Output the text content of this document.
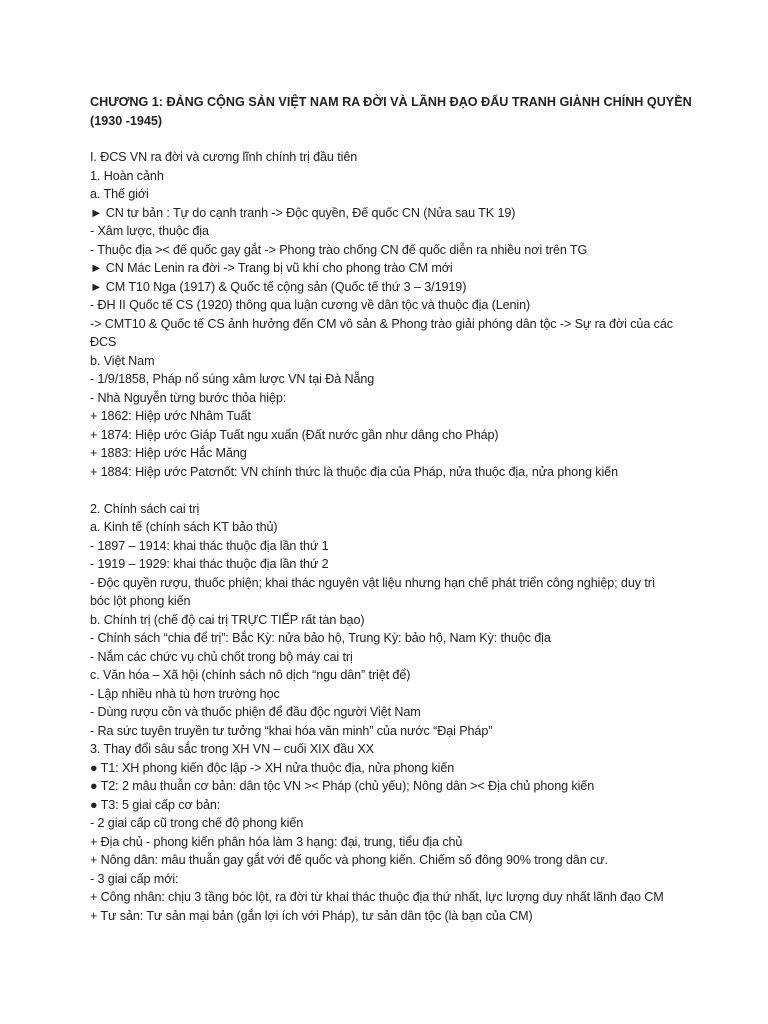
CHƯƠNG 1: ĐẢNG CỘNG SẢN VIỆT NAM RA ĐỜI VÀ LÃNH ĐẠO ĐẤU TRANH GIÀNH CHÍNH QUYỀN (1930 -1945)
I. ĐCS VN ra đời và cương lĩnh chính trị đầu tiên
1. Hoàn cảnh
a. Thế giới
► CN tư bản : Tự do cạnh tranh -> Độc quyền, Đế quốc CN (Nửa sau TK 19)
- Xâm lược, thuộc địa
- Thuộc địa >< đế quốc gay gắt -> Phong trào chống CN đế quốc diễn ra nhiều nơi trên TG
► CN Mác Lenin ra đời -> Trang bị vũ khí cho phong trào CM mới
► CM T10 Nga (1917) & Quốc tế cộng sản (Quốc tế thứ 3 – 3/1919)
- ĐH II Quốc tế CS (1920) thông qua luận cương về dân tộc và thuộc địa (Lenin)
-> CMT10 & Quốc tế CS ảnh hưởng đến CM vô sản & Phong trào giải phóng dân tộc -> Sự ra đời của các
ĐCS
b. Việt Nam
- 1/9/1858, Pháp nổ súng xâm lược VN tại Đà Nẵng
- Nhà Nguyễn từng bước thỏa hiệp:
+ 1862: Hiệp ước Nhâm Tuất
+ 1874: Hiệp ước Giáp Tuất ngu xuẩn (Đất nước gần như dâng cho Pháp)
+ 1883: Hiệp ước Hắc Măng
+ 1884: Hiệp ước Patơnốt: VN chính thức là thuộc địa của Pháp, nửa thuộc địa, nửa phong kiến
2. Chính sách cai trị
a. Kinh tế (chính sách KT bảo thủ)
- 1897 – 1914: khai thác thuộc địa lần thứ 1
- 1919 – 1929: khai thác thuộc địa lần thứ 2
- Độc quyền rượu, thuốc phiện; khai thác nguyên vật liệu nhưng hạn chế phát triển công nghiệp; duy trì
bóc lột phong kiến
b. Chính trị (chế độ cai trị TRỰC TIẾP rất tàn bạo)
- Chính sách “chia để trị”: Bắc Kỳ: nửa bảo hộ, Trung Kỳ: bảo hộ, Nam Kỳ: thuộc địa
- Nắm các chức vụ chủ chốt trong bộ máy cai trị
c. Văn hóa – Xã hội (chính sách nô dịch “ngu dân” triệt để)
- Lập nhiều nhà tù hơn trường học
- Dùng rượu cồn và thuốc phiện để đầu độc người Việt Nam
- Ra sức tuyên truyền tư tưởng “khai hóa văn minh” của nước “Đại Pháp”
3. Thay đổi sâu sắc trong XH VN – cuối XIX đầu XX
● T1: XH phong kiến độc lập -> XH nửa thuộc địa, nửa phong kiến
● T2: 2 mâu thuẫn cơ bản: dân tộc VN >< Pháp (chủ yếu); Nông dân >< Địa chủ phong kiến
● T3: 5 giai cấp cơ bản:
- 2 giai cấp cũ trong chế độ phong kiến
+ Địa chủ - phong kiến phân hóa làm 3 hạng: đại, trung, tiểu địa chủ
+ Nông dân: mâu thuẫn gay gắt với đế quốc và phong kiến. Chiếm số đông 90% trong dân cư.
- 3 giai cấp mới:
+ Công nhân: chịu 3 tầng bóc lột, ra đời từ khai thác thuộc địa thứ nhất, lực lượng duy nhất lãnh đạo CM
+ Tư sản: Tư sản mại bản (gắn lợi ích với Pháp), tư sản dân tộc (là bạn của CM)
